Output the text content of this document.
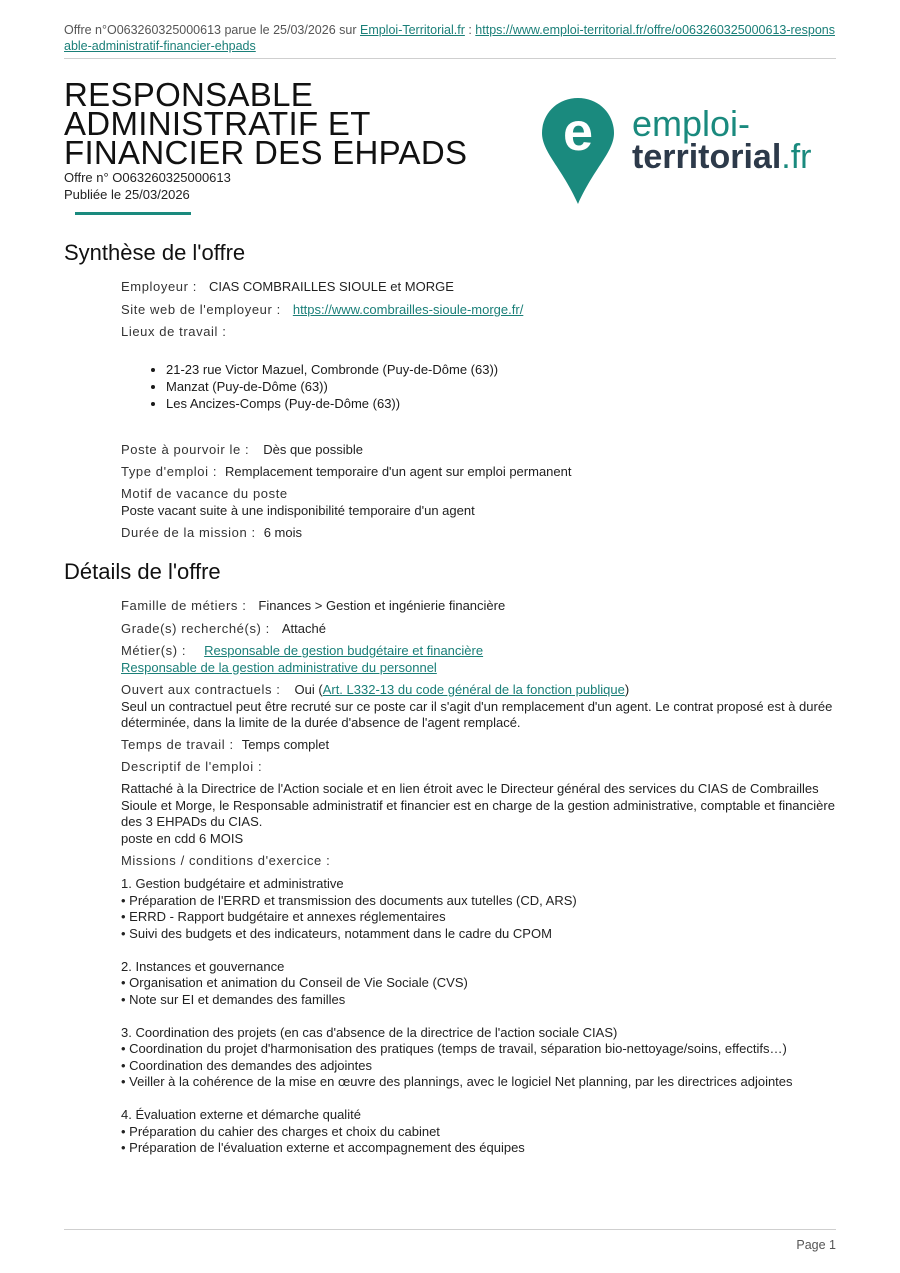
Offre n°O063260325000613 parue le 25/03/2026 sur Emploi-Territorial.fr : https://www.emploi-territorial.fr/offre/o063260325000613-responsable-administratif-financier-ehpads
RESPONSABLE
ADMINISTRATIF ET
FINANCIER DES EHPADS
Offre n° O063260325000613
Publiée le 25/03/2026
e emploi-
territorial.fr
Synthèse de l'offre
Employeur : CIAS COMBRAILLES SIOULE et MORGE
Site web de l'employeur : https://www.combrailles-sioule-morge.fr/
Lieux de travail :
• 21-23 rue Victor Mazuel, Combronde (Puy-de-Dôme (63))
• Manzat (Puy-de-Dôme (63))
• Les Ancizes-Comps (Puy-de-Dôme (63))
Poste à pourvoir le : Dès que possible
Type d'emploi : Remplacement temporaire d'un agent sur emploi permanent
Motif de vacance du poste
Poste vacant suite à une indisponibilité temporaire d'un agent
Durée de la mission : 6 mois
Détails de l'offre
Famille de métiers : Finances > Gestion et ingénierie financière
Grade(s) recherché(s) : Attaché
Métier(s) : Responsable de gestion budgétaire et financière
Responsable de la gestion administrative du personnel
Ouvert aux contractuels : Oui (Art. L332-13 du code général de la fonction publique)
Seul un contractuel peut être recruté sur ce poste car il s'agit d'un remplacement d'un agent. Le contrat proposé est à durée déterminée, dans la limite de la durée d'absence de l'agent remplacé.
Temps de travail : Temps complet
Descriptif de l'emploi :
Rattaché à la Directrice de l'Action sociale et en lien étroit avec le Directeur général des services du CIAS de Combrailles Sioule et Morge, le Responsable administratif et financier est en charge de la gestion administrative, comptable et financière des 3 EHPADs du CIAS.
poste en cdd 6 MOIS
Missions / conditions d'exercice :
1. Gestion budgétaire et administrative
• Préparation de l'ERRD et transmission des documents aux tutelles (CD, ARS)
• ERRD - Rapport budgétaire et annexes réglementaires
• Suivi des budgets et des indicateurs, notamment dans le cadre du CPOM
2. Instances et gouvernance
• Organisation et animation du Conseil de Vie Sociale (CVS)
• Note sur EI et demandes des familles
3. Coordination des projets (en cas d'absence de la directrice de l'action sociale CIAS)
• Coordination du projet d'harmonisation des pratiques (temps de travail, séparation bio-nettoyage/soins, effectifs…)
• Coordination des demandes des adjointes
• Veiller à la cohérence de la mise en œuvre des plannings, avec le logiciel Net planning, par les directrices adjointes
4. Évaluation externe et démarche qualité
• Préparation du cahier des charges et choix du cabinet
• Préparation de l'évaluation externe et accompagnement des équipes
Page 1
